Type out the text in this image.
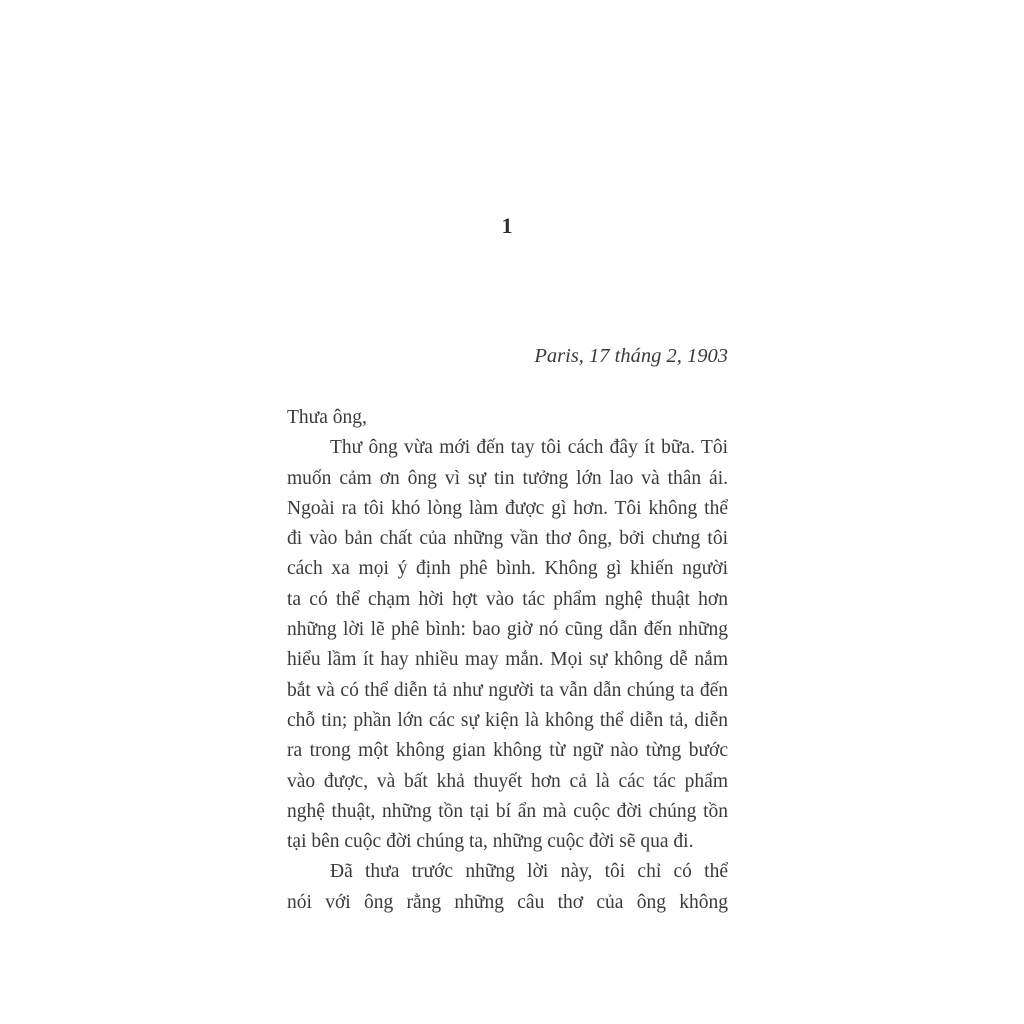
1
Paris, 17 tháng 2, 1903
Thưa ông,
Thư ông vừa mới đến tay tôi cách đây ít bữa. Tôi
muốn cảm ơn ông vì sự tin tưởng lớn lao và thân ái.
Ngoài ra tôi khó lòng làm được gì hơn. Tôi không thể
đi vào bản chất của những vần thơ ông, bởi chưng tôi
cách xa mọi ý định phê bình. Không gì khiến người
ta có thể chạm hời hợt vào tác phẩm nghệ thuật hơn
những lời lẽ phê bình: bao giờ nó cũng dẫn đến những
hiểu lầm ít hay nhiều may mắn. Mọi sự không dễ nắm
bắt và có thể diễn tả như người ta vẫn dẫn chúng ta đến
chỗ tin; phần lớn các sự kiện là không thể diễn tả, diễn
ra trong một không gian không từ ngữ nào từng bước
vào được, và bất khả thuyết hơn cả là các tác phẩm
nghệ thuật, những tồn tại bí ẩn mà cuộc đời chúng tồn
tại bên cuộc đời chúng ta, những cuộc đời sẽ qua đi.
Đã thưa trước những lời này, tôi chỉ có thể
nói với ông rằng những câu thơ của ông không
